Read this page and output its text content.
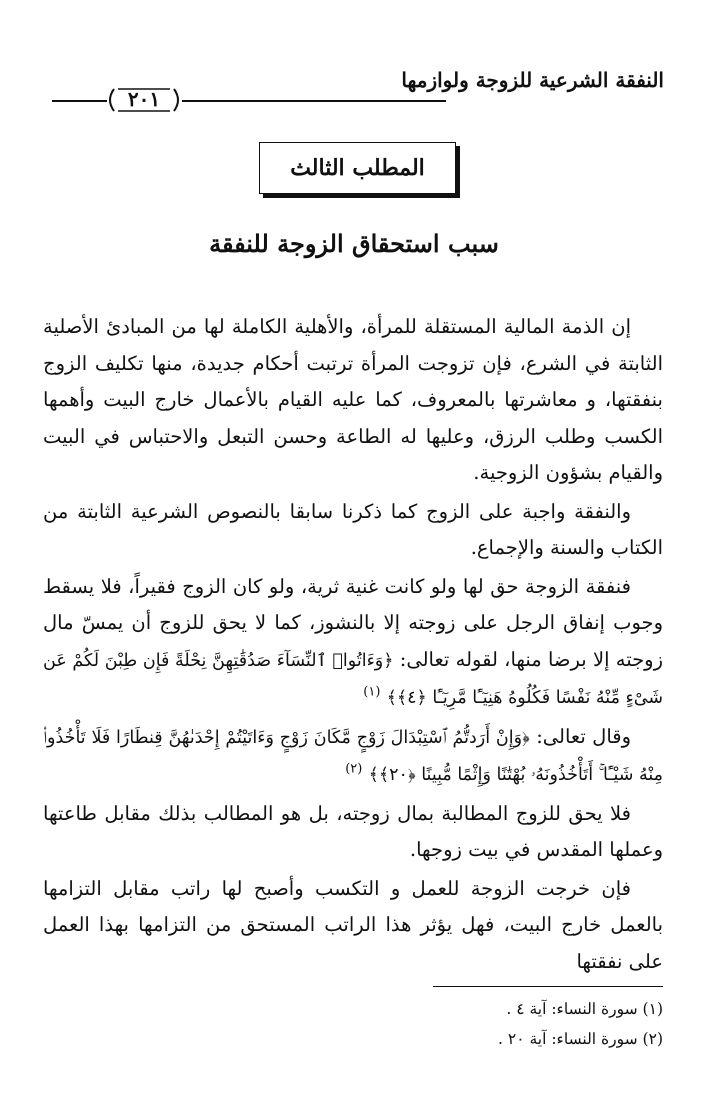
النفقة الشرعية للزوجة ولوازمها
٢٠١
المطلب الثالث
سبب استحقاق الزوجة للنفقة

إن الذمة المالية المستقلة للمرأة، والأهلية الكاملة لها من المبادئ الأصلية الثابتة في الشرع، فإن تزوجت المرأة ترتبت أحكام جديدة، منها تكليف الزوج بنفقتها، و معاشرتها بالمعروف، كما عليه القيام بالأعمال خارج البيت وأهمها الكسب وطلب الرزق، وعليها له الطاعة وحسن التبعل والاحتباس في البيت والقيام بشؤون الزوجية.

والنفقة واجبة على الزوج كما ذكرنا سابقا بالنصوص الشرعية الثابتة من الكتاب والسنة والإجماع.

فنفقة الزوجة حق لها ولو كانت غنية ثرية، ولو كان الزوج فقيراً، فلا يسقط وجوب إنفاق الرجل على زوجته إلا بالنشوز، كما لا يحق للزوج أن يمسّ مال زوجته إلا برضا منها، لقوله تعالى: ﴿وَءَاتُوا۟ ٱلنِّسَآءَ صَدُقَٰتِهِنَّ نِحْلَةً فَإِن طِبْنَ لَكُمْ عَن شَىْءٍ مِّنْهُ نَفْسًا فَكُلُوهُ هَنِيٓـًٔا مَّرِيٓـًٔا ﴿٤﴾﴾ $^{(١)}$

وقال تعالى: ﴿وَإِنْ أَرَدتُّمُ ٱسْتِبْدَالَ زَوْجٍ مَّكَانَ زَوْجٍ وَءَاتَيْتُمْ إِحْدَىٰهُنَّ قِنطَارًا فَلَا تَأْخُذُوا۟ مِنْهُ شَيْـًٔا ۚ أَتَأْخُذُونَهُۥ بُهْتَٰنًا وَإِثْمًا مُّبِينًا ﴿٢٠﴾﴾ $^{(٢)}$

فلا يحق للزوج المطالبة بمال زوجته، بل هو المطالب بذلك مقابل طاعتها وعملها المقدس في بيت زوجها.

فإن خرجت الزوجة للعمل و التكسب وأصبح لها راتب مقابل التزامها بالعمل خارج البيت، فهل يؤثر هذا الراتب المستحق من التزامها بهذا العمل على نفقتها

(١) سورة النساء: آية ٤ .
(٢) سورة النساء: آية ٢٠ .
